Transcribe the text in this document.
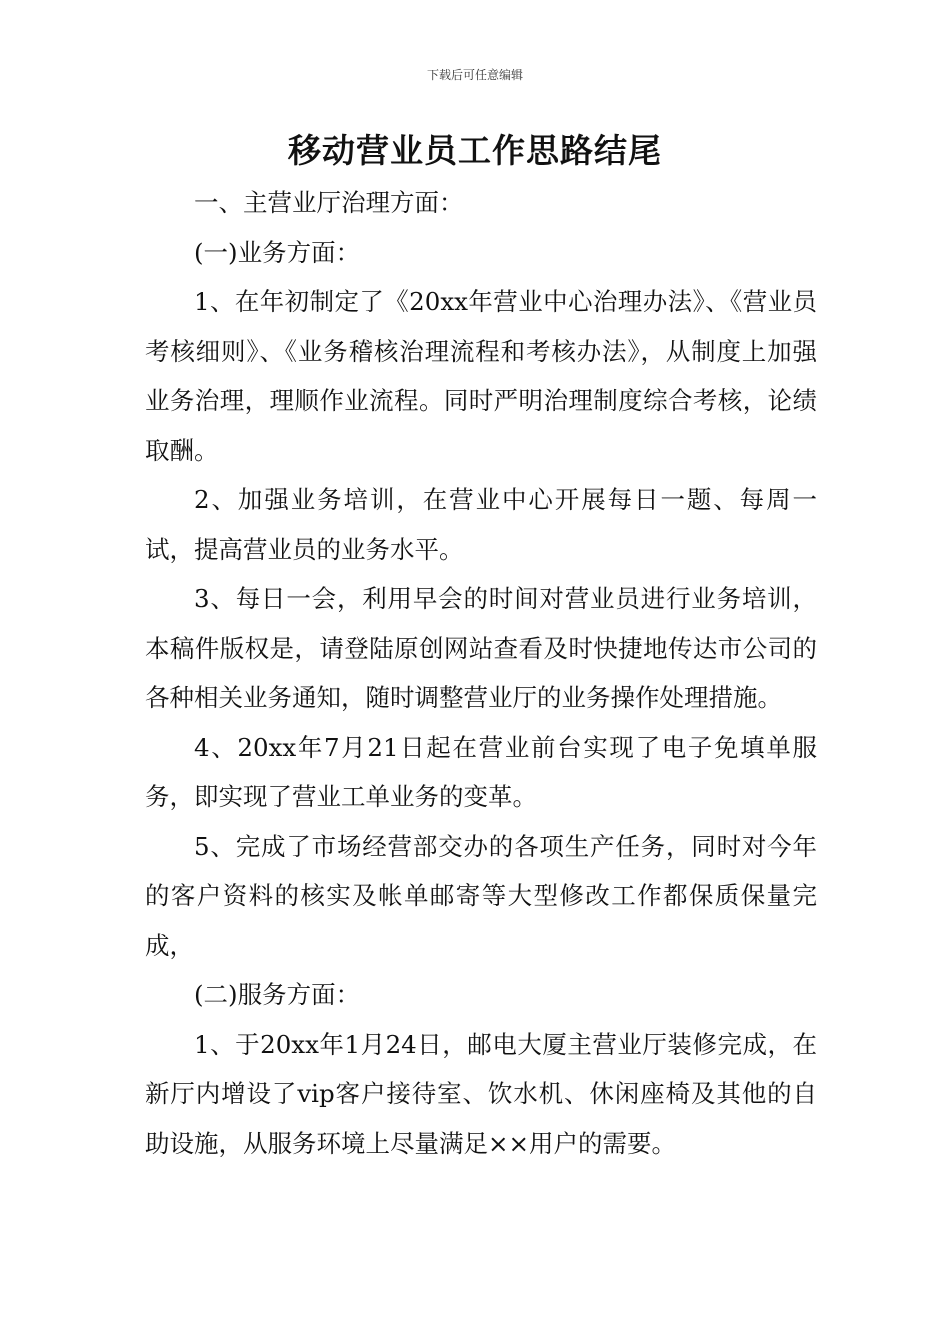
下载后可任意编辑
移动营业员工作思路结尾

一、主营业厅治理方面：

(一)业务方面：

1、在年初制定了《20xx年营业中心治理办法》、《营业员考核细则》、《业务稽核治理流程和考核办法》，从制度上加强业务治理，理顺作业流程。同时严明治理制度综合考核，论绩取酬。

2、加强业务培训，在营业中心开展每日一题、每周一试，提高营业员的业务水平。

3、每日一会，利用早会的时间对营业员进行业务培训，本稿件版权是，请登陆原创网站查看及时快捷地传达市公司的各种相关业务通知，随时调整营业厅的业务操作处理措施。

4、20xx年7月21日起在营业前台实现了电子免填单服务，即实现了营业工单业务的变革。

5、完成了市场经营部交办的各项生产任务，同时对今年的客户资料的核实及帐单邮寄等大型修改工作都保质保量完成，

(二)服务方面：

1、于20xx年1月24日，邮电大厦主营业厅装修完成，在新厅内增设了vip客户接待室、饮水机、休闲座椅及其他的自助设施，从服务环境上尽量满足××用户的需要。
